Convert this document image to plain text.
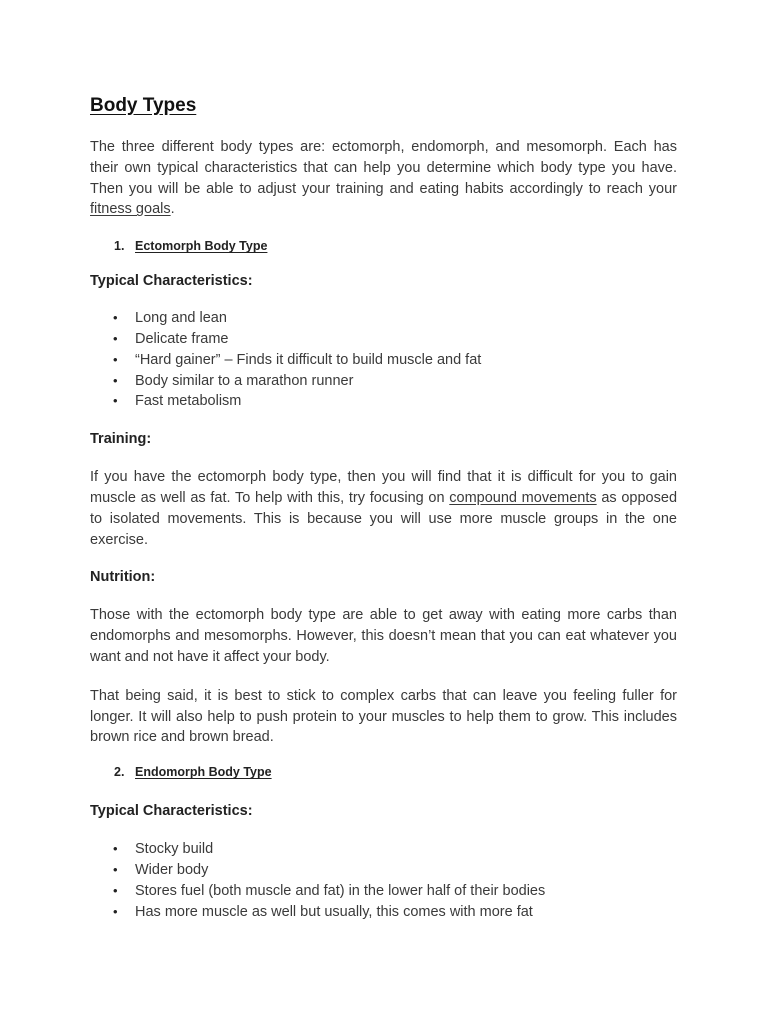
Body Types

The three different body types are: ectomorph, endomorph, and mesomorph. Each has their own typical characteristics that can help you determine which body type you have. Then you will be able to adjust your training and eating habits accordingly to reach your fitness goals.

1. Ectomorph Body Type

Typical Characteristics:

• Long and lean
• Delicate frame
• “Hard gainer” – Finds it difficult to build muscle and fat
• Body similar to a marathon runner
• Fast metabolism

Training:

If you have the ectomorph body type, then you will find that it is difficult for you to gain muscle as well as fat. To help with this, try focusing on compound movements as opposed to isolated movements. This is because you will use more muscle groups in the one exercise.

Nutrition:

Those with the ectomorph body type are able to get away with eating more carbs than endomorphs and mesomorphs. However, this doesn’t mean that you can eat whatever you want and not have it affect your body.

That being said, it is best to stick to complex carbs that can leave you feeling fuller for longer. It will also help to push protein to your muscles to help them to grow. This includes brown rice and brown bread.

2. Endomorph Body Type

Typical Characteristics:

• Stocky build
• Wider body
• Stores fuel (both muscle and fat) in the lower half of their bodies
• Has more muscle as well but usually, this comes with more fat
